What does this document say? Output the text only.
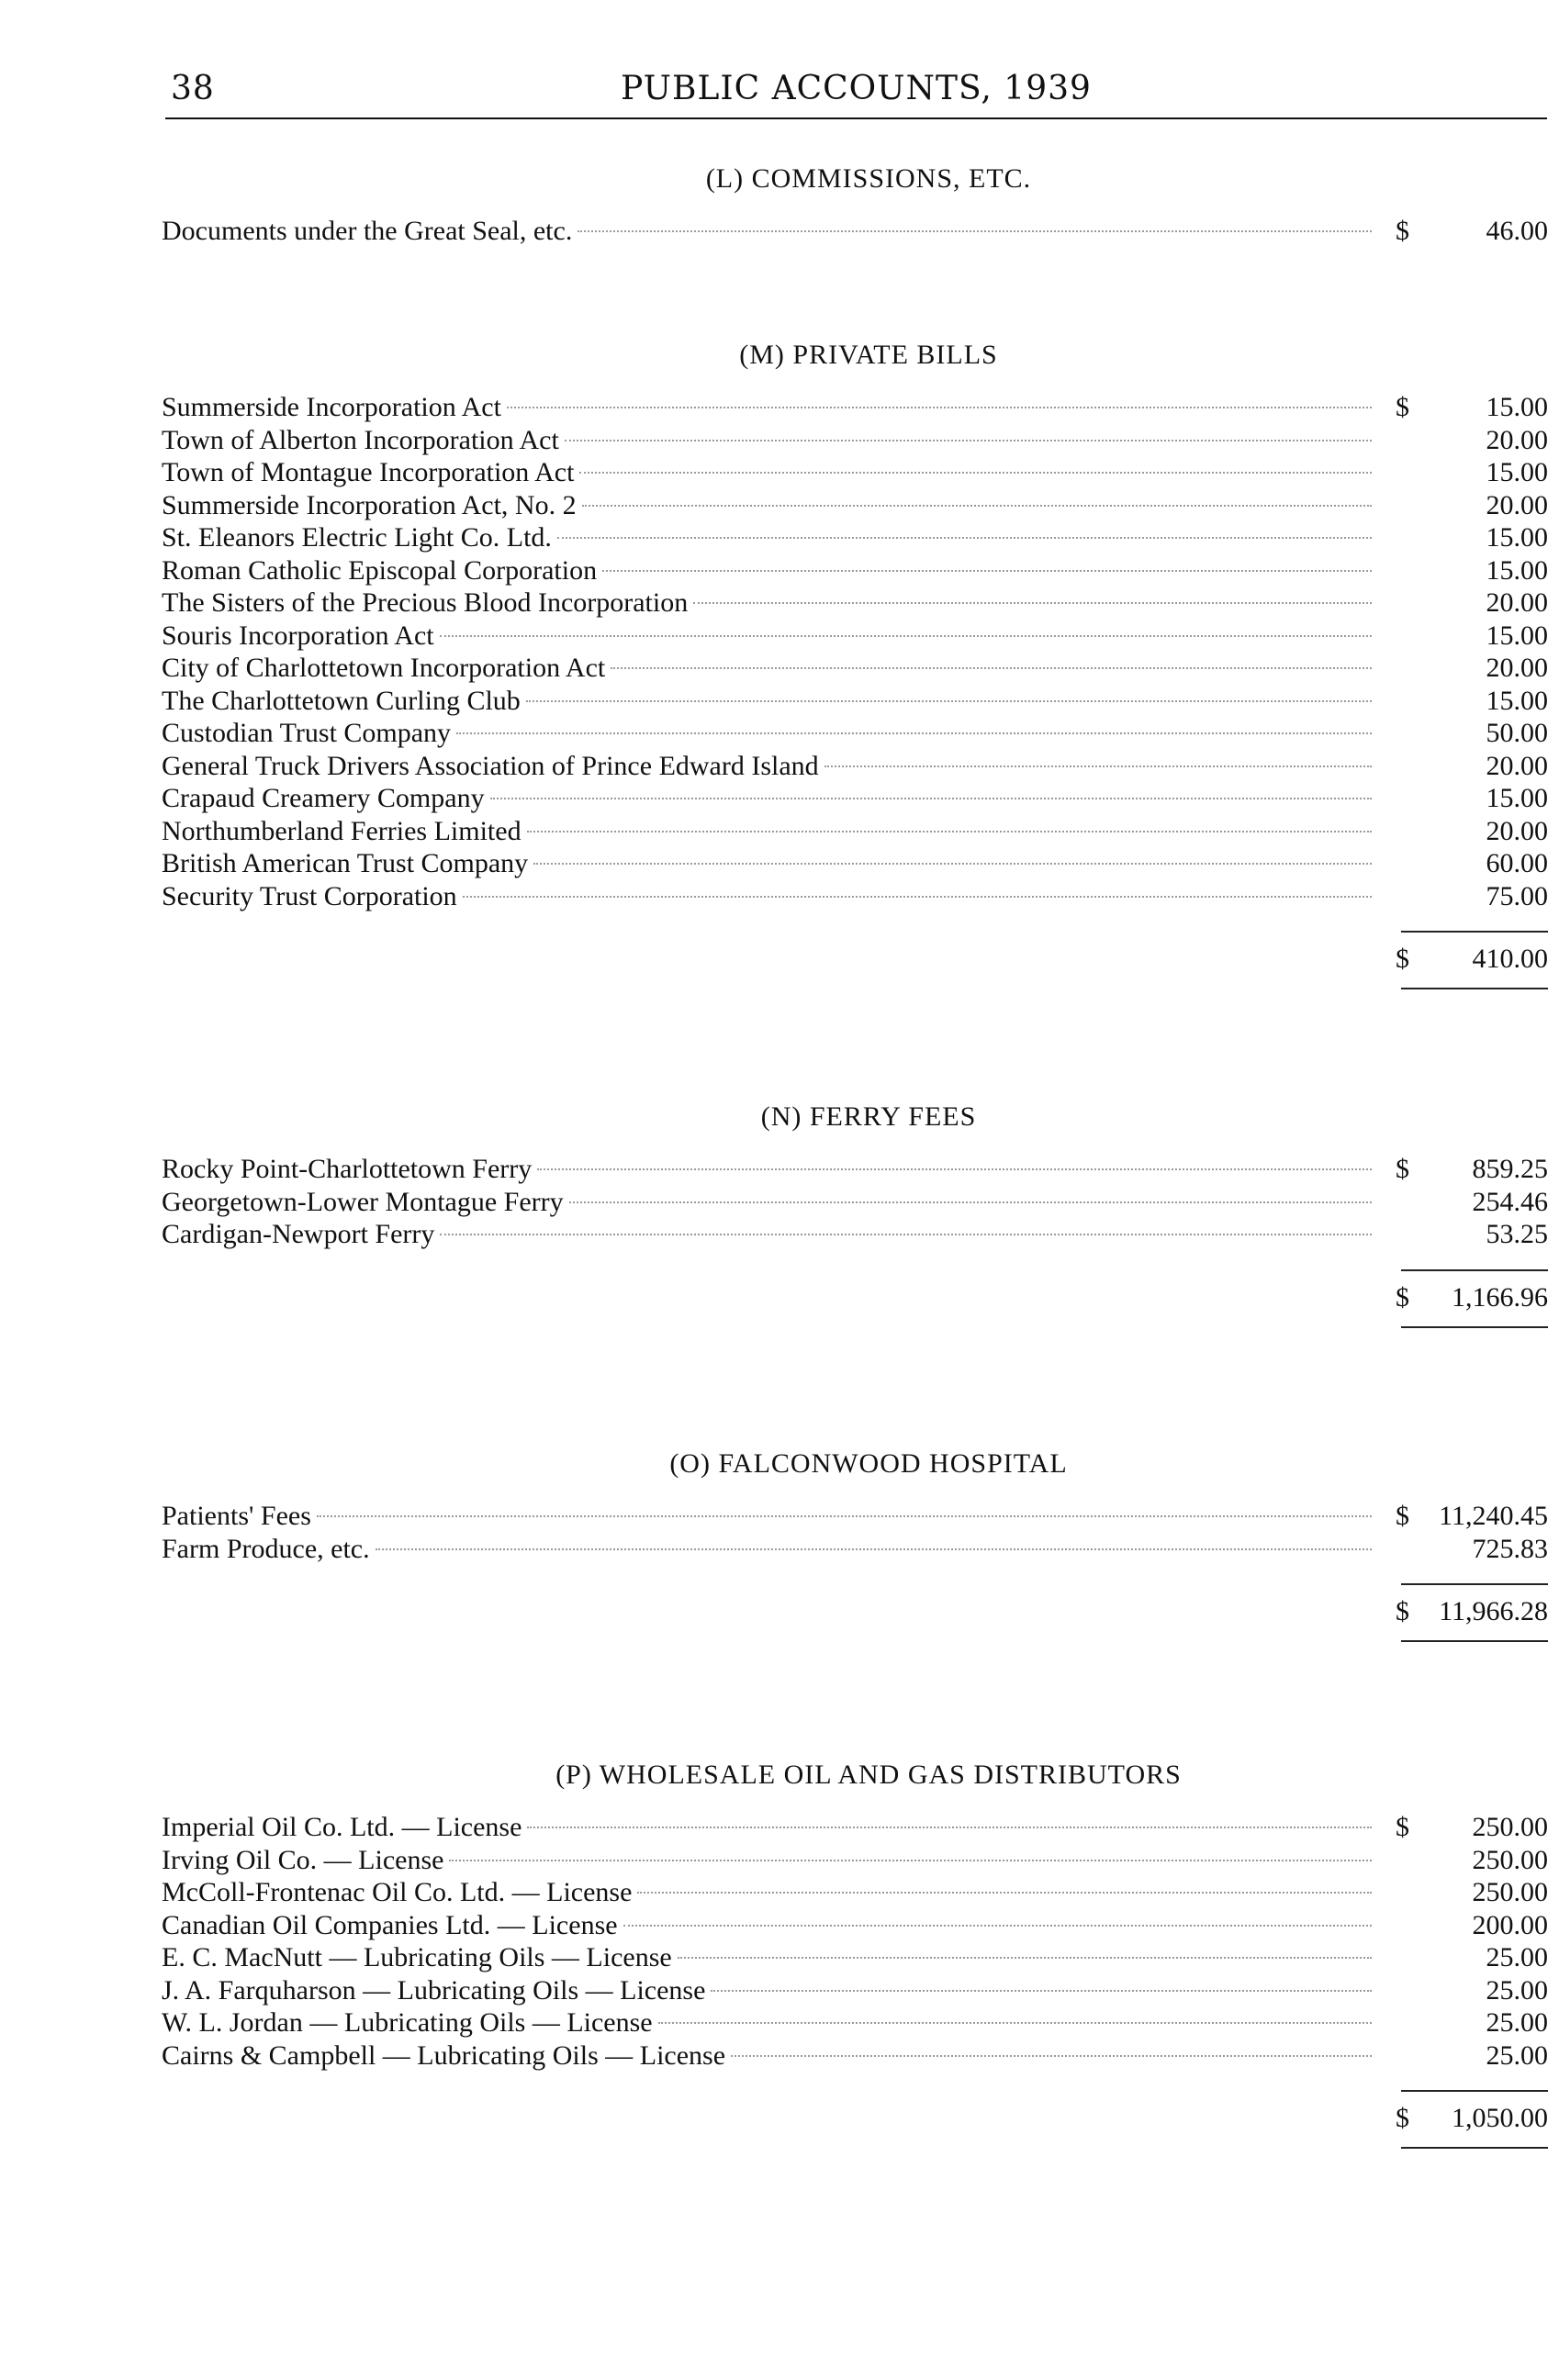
38	PUBLIC ACCOUNTS, 1939
(L) COMMISSIONS, ETC.
Documents under the Great Seal, etc.	$	46.00
(M) PRIVATE BILLS
Summerside Incorporation Act	$	15.00
Town of Alberton Incorporation Act	20.00
Town of Montague Incorporation Act	15.00
Summerside Incorporation Act, No. 2	20.00
St. Eleanors Electric Light Co. Ltd.	15.00
Roman Catholic Episcopal Corporation	15.00
The Sisters of the Precious Blood Incorporation	20.00
Souris Incorporation Act	15.00
City of Charlottetown Incorporation Act	20.00
The Charlottetown Curling Club	15.00
Custodian Trust Company	50.00
General Truck Drivers Association of Prince Edward Island	20.00
Crapaud Creamery Company	15.00
Northumberland Ferries Limited	20.00
British American Trust Company	60.00
Security Trust Corporation	75.00
$	410.00
(N) FERRY FEES
Rocky Point-Charlottetown Ferry	$	859.25
Georgetown-Lower Montague Ferry	254.46
Cardigan-Newport Ferry	53.25
$	1,166.96
(O) FALCONWOOD HOSPITAL
Patients' Fees	$	11,240.45
Farm Produce, etc.	725.83
$	11,966.28
(P) WHOLESALE OIL AND GAS DISTRIBUTORS
Imperial Oil Co. Ltd. — License	$	250.00
Irving Oil Co. — License	250.00
McColl-Frontenac Oil Co. Ltd. — License	250.00
Canadian Oil Companies Ltd. — License	200.00
E. C. MacNutt — Lubricating Oils — License	25.00
J. A. Farquharson — Lubricating Oils — License	25.00
W. L. Jordan — Lubricating Oils — License	25.00
Cairns & Campbell — Lubricating Oils — License	25.00
$	1,050.00
